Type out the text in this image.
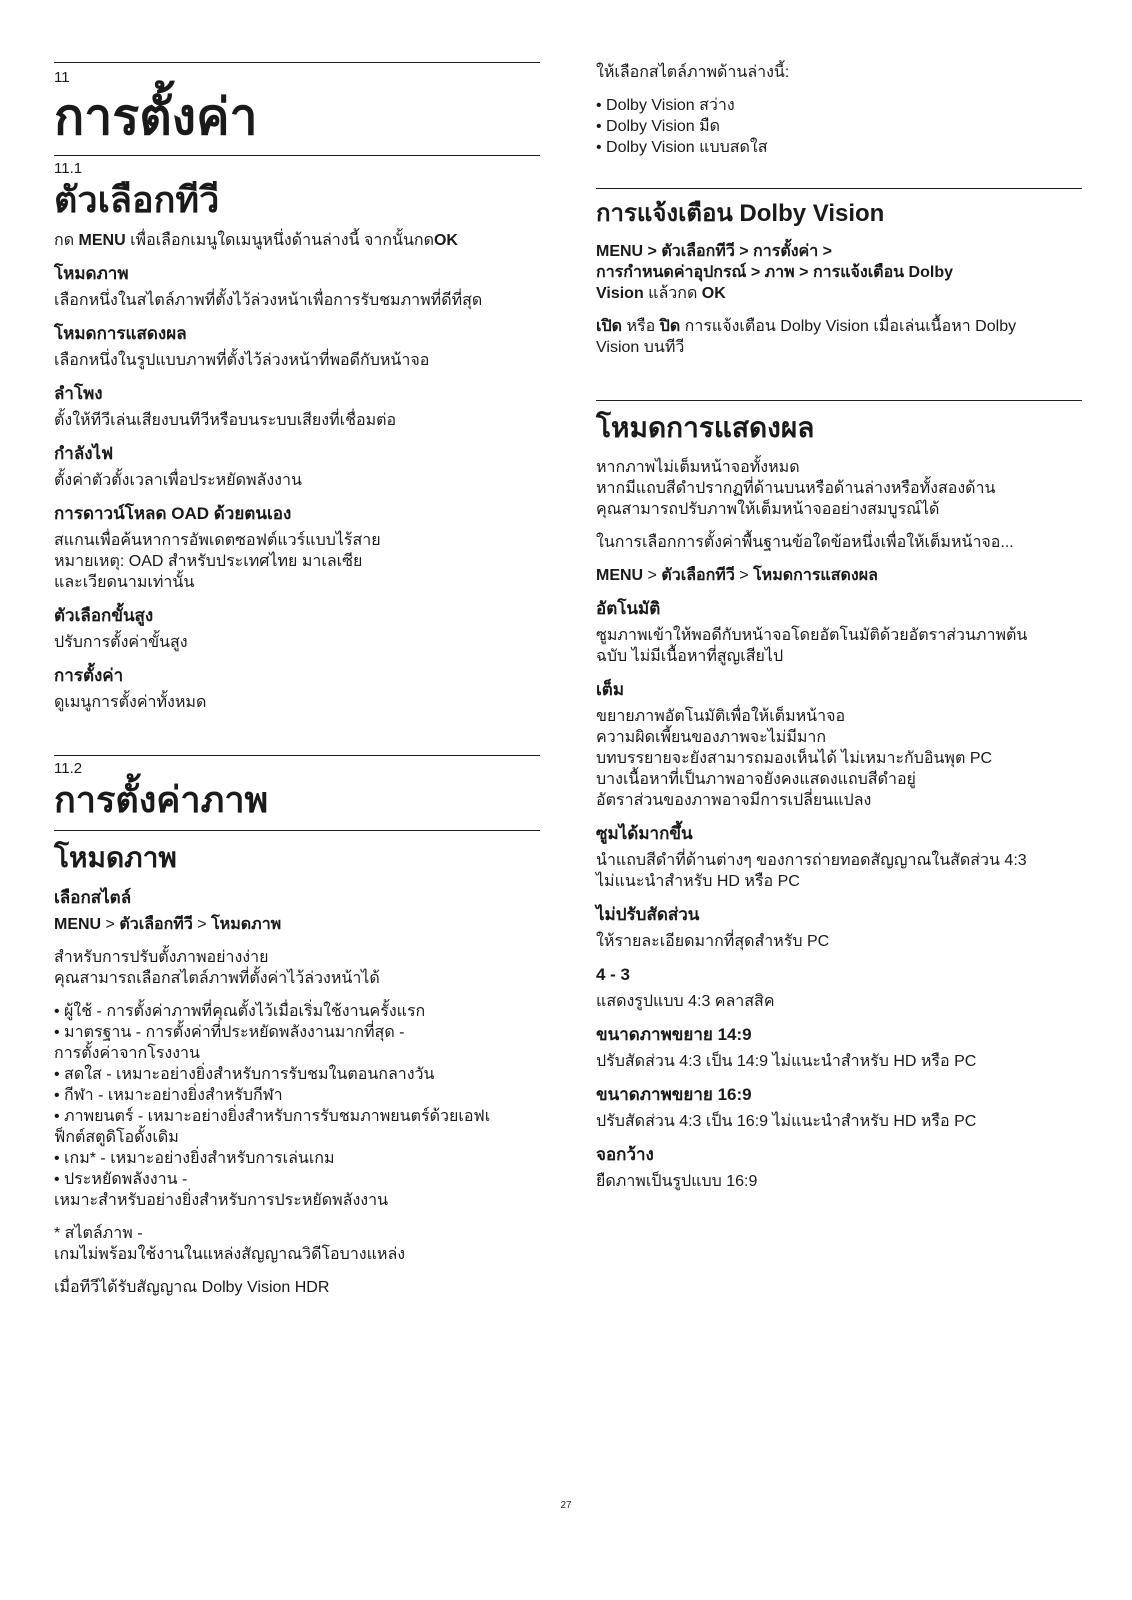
11
การตั้งค่า
11.1
ตัวเลือกทีวี
กด MENU เพื่อเลือกเมนูใดเมนูหนึ่งด้านล่างนี้ จากนั้นกดOK
โหมดภาพ
เลือกหนึ่งในสไตล์ภาพที่ตั้งไว้ล่วงหน้าเพื่อการรับชมภาพที่ดีที่สุด
โหมดการแสดงผล
เลือกหนึ่งในรูปแบบภาพที่ตั้งไว้ล่วงหน้าที่พอดีกับหน้าจอ
ลำโพง
ตั้งให้ทีวีเล่นเสียงบนทีวีหรือบนระบบเสียงที่เชื่อมต่อ
กำลังไฟ
ตั้งค่าตัวตั้งเวลาเพื่อประหยัดพลังงาน
การดาวน์โหลด OAD ด้วยตนเอง
สแกนเพื่อค้นหาการอัพเดตซอฟต์แวร์แบบไร้สาย
หมายเหตุ: OAD สำหรับประเทศไทย มาเลเซีย
และเวียดนามเท่านั้น
ตัวเลือกขั้นสูง
ปรับการตั้งค่าขั้นสูง
การตั้งค่า
ดูเมนูการตั้งค่าทั้งหมด
11.2
การตั้งค่าภาพ
โหมดภาพ
เลือกสไตล์
MENU > ตัวเลือกทีวี > โหมดภาพ
สำหรับการปรับตั้งภาพอย่างง่าย
คุณสามารถเลือกสไตล์ภาพที่ตั้งค่าไว้ล่วงหน้าได้
• ผู้ใช้ - การตั้งค่าภาพที่คุณตั้งไว้เมื่อเริ่มใช้งานครั้งแรก
• มาตรฐาน - การตั้งค่าที่ประหยัดพลังงานมากที่สุด -
การตั้งค่าจากโรงงาน
• สดใส - เหมาะอย่างยิ่งสำหรับการรับชมในตอนกลางวัน
• กีฬา - เหมาะอย่างยิ่งสำหรับกีฬา
• ภาพยนตร์ - เหมาะอย่างยิ่งสำหรับการรับชมภาพยนตร์ด้วยเอฟเ
ฟ็กต์สตูดิโอดั้งเดิม
• เกม* - เหมาะอย่างยิ่งสำหรับการเล่นเกม
• ประหยัดพลังงาน -
เหมาะสำหรับอย่างยิ่งสำหรับการประหยัดพลังงาน
* สไตล์ภาพ -
เกมไม่พร้อมใช้งานในแหล่งสัญญาณวิดีโอบางแหล่ง
เมื่อทีวีได้รับสัญญาณ Dolby Vision HDR
ให้เลือกสไตล์ภาพด้านล่างนี้:
• Dolby Vision สว่าง
• Dolby Vision มืด
• Dolby Vision แบบสดใส
การแจ้งเตือน Dolby Vision
MENU > ตัวเลือกทีวี > การตั้งค่า >
การกำหนดค่าอุปกรณ์ > ภาพ > การแจ้งเตือน Dolby
Vision แล้วกด OK
เปิด หรือ ปิด การแจ้งเตือน Dolby Vision เมื่อเล่นเนื้อหา Dolby
Vision บนทีวี
โหมดการแสดงผล
หากภาพไม่เต็มหน้าจอทั้งหมด
หากมีแถบสีดำปรากฏที่ด้านบนหรือด้านล่างหรือทั้งสองด้าน
คุณสามารถปรับภาพให้เต็มหน้าจออย่างสมบูรณ์ได้
ในการเลือกการตั้งค่าพื้นฐานข้อใดข้อหนึ่งเพื่อให้เต็มหน้าจอ...
MENU > ตัวเลือกทีวี > โหมดการแสดงผล
อัตโนมัติ
ซูมภาพเข้าให้พอดีกับหน้าจอโดยอัตโนมัติด้วยอัตราส่วนภาพต้น
ฉบับ ไม่มีเนื้อหาที่สูญเสียไป
เต็ม
ขยายภาพอัตโนมัติเพื่อให้เต็มหน้าจอ
ความผิดเพี้ยนของภาพจะไม่มีมาก
บทบรรยายจะยังสามารถมองเห็นได้ ไม่เหมาะกับอินพุต PC
บางเนื้อหาที่เป็นภาพอาจยังคงแสดงแถบสีดำอยู่
อัตราส่วนของภาพอาจมีการเปลี่ยนแปลง
ซูมได้มากขึ้น
นำแถบสีดำที่ด้านต่างๆ ของการถ่ายทอดสัญญาณในสัดส่วน 4:3
ไม่แนะนำสำหรับ HD หรือ PC
ไม่ปรับสัดส่วน
ให้รายละเอียดมากที่สุดสำหรับ PC
4 - 3
แสดงรูปแบบ 4:3 คลาสสิค
ขนาดภาพขยาย 14:9
ปรับสัดส่วน 4:3 เป็น 14:9 ไม่แนะนำสำหรับ HD หรือ PC
ขนาดภาพขยาย 16:9
ปรับสัดส่วน 4:3 เป็น 16:9 ไม่แนะนำสำหรับ HD หรือ PC
จอกว้าง
ยืดภาพเป็นรูปแบบ 16:9
27
